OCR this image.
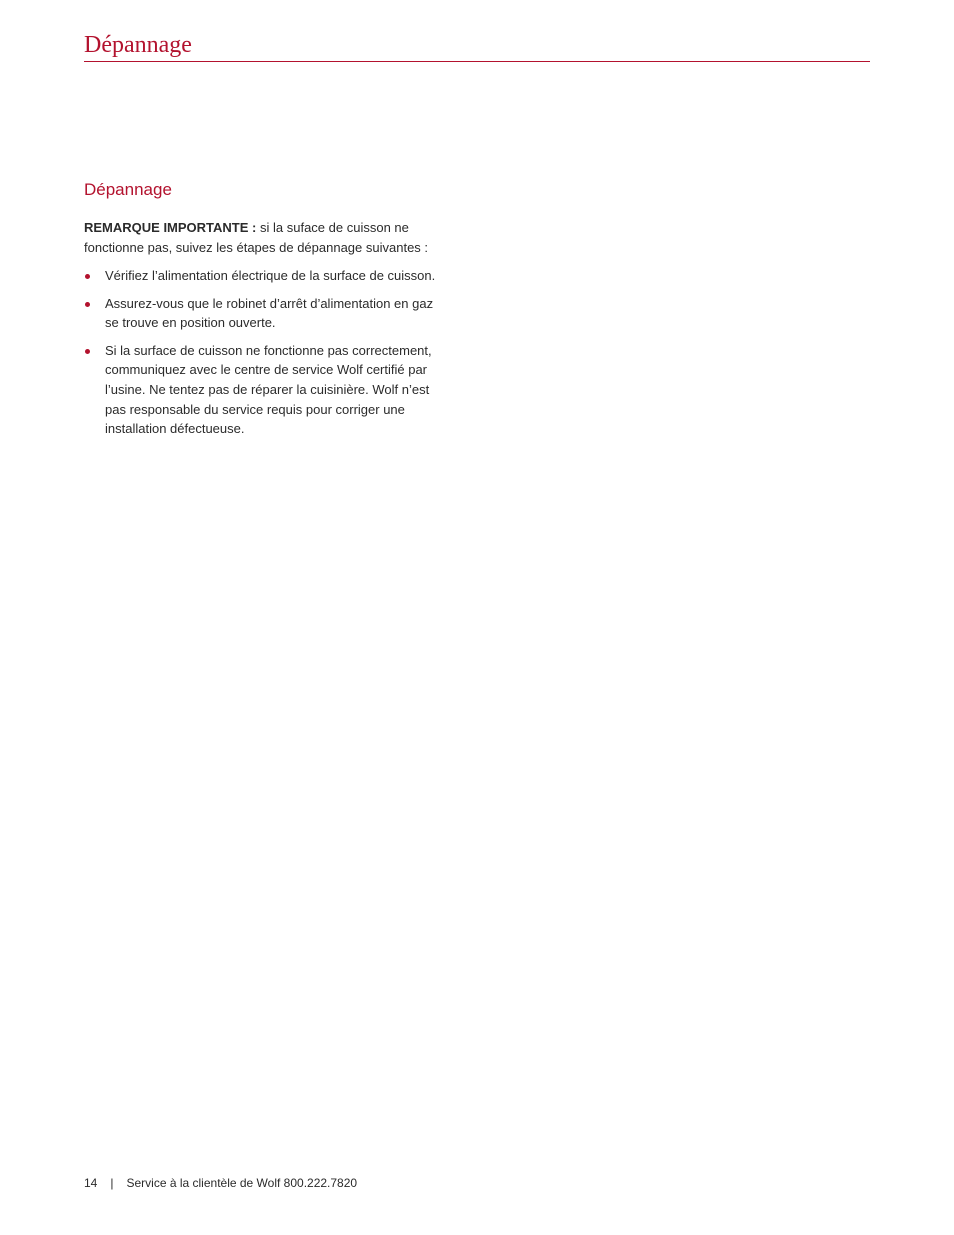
Dépannage
Dépannage

REMARQUE IMPORTANTE : si la suface de cuisson ne fonctionne pas, suivez les étapes de dépannage suivantes :

Vérifiez l’alimentation électrique de la surface de cuisson.
Assurez-vous que le robinet d’arrêt d’alimentation en gaz se trouve en position ouverte.
Si la surface de cuisson ne fonctionne pas correctement, communiquez avec le centre de service Wolf certifié par l’usine. Ne tentez pas de réparer la cuisinière. Wolf n’est pas responsable du service requis pour corriger une installation défectueuse.
14 | Service à la clientèle de Wolf 800.222.7820
